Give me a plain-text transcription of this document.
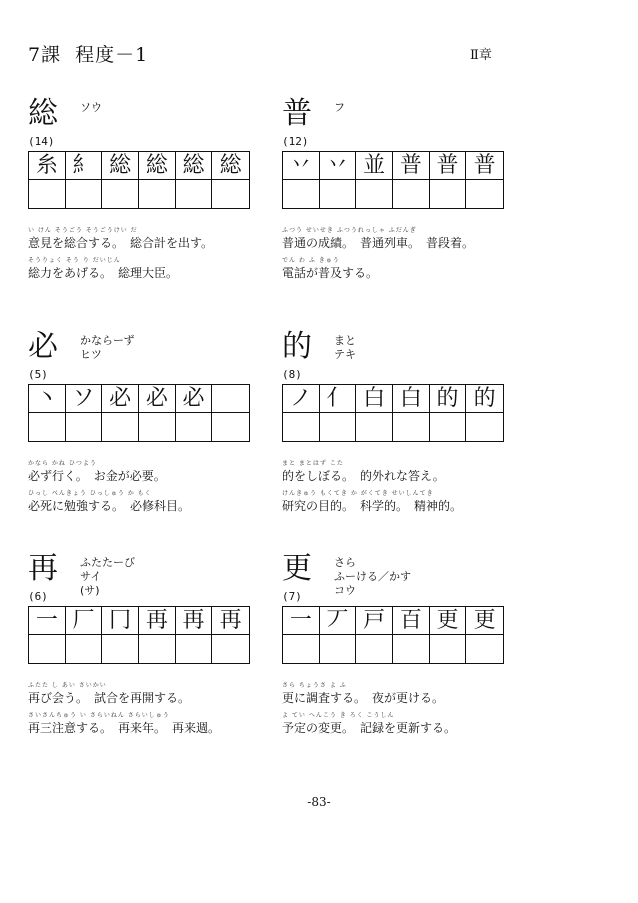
7課 程度－1	Ⅱ章
総 ソウ
(14)
糸 糹 総 総 総 総
い けん そうごう そうごうけい だ
意見を総合する。　総合計を出す。
そうりょく そう り だいじん
総力をあげる。　総理大臣。
普 フ
(12)
丷 丷 並 普 普 普
ふつう せいせき ふつうれっしゃ ふだんぎ
普通の成績。　普通列車。　普段着。
でん わ ふ きゅう
電話が普及する。
必 かならーず
ヒツ
(5)
丶 ソ 必 必 必
かなら かね ひつよう
必ず行く。　お金が必要。
ひっし べんきょう ひっしゅう か もく
必死に勉強する。　必修科目。
的 まと
テキ
(8)
ノ 亻 白 白 的 的
まと まとはず こた
的をしぼる。　的外れな答え。
けんきゅう もくてき か がくてき せいしんてき
研究の目的。　科学的。　精神的。
再 ふたたーび
サイ
(サ)
(6)
一 厂 冂 再 再 再
ふたた し あい さいかい
再び会う。　試合を再開する。
さいさんちゅう い さらいねん さらいしゅう
再三注意する。　再来年。　再来週。
更 さら
ふーける／かす
コウ
(7)
一 丆 戸 百 更 更
さら ちょうさ よ ふ
更に調査する。　夜が更ける。
よ てい へんこう き ろく こうしん
予定の変更。　記録を更新する。
-83-
